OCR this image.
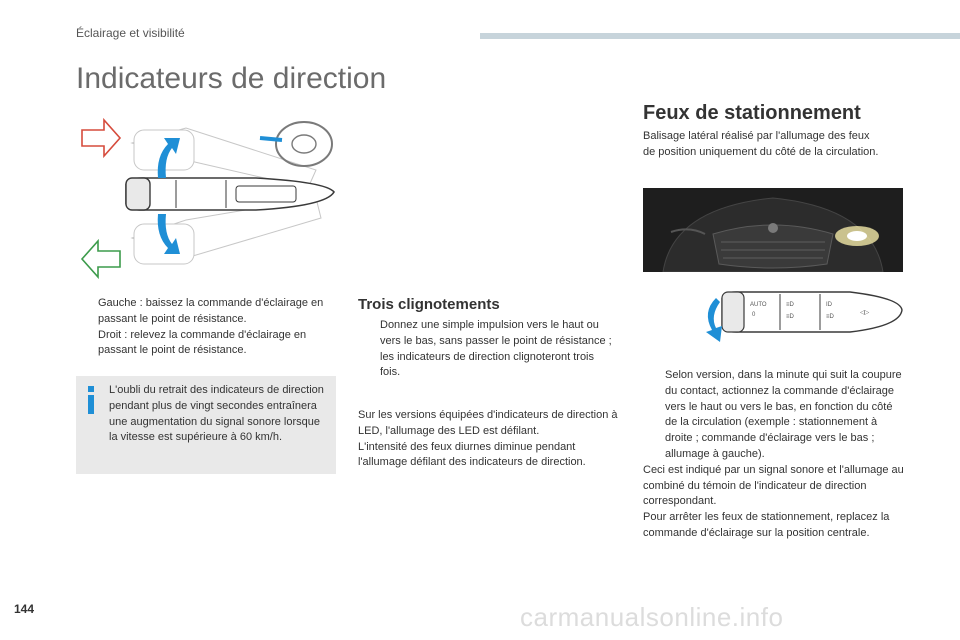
Éclairage et visibilité
Indicateurs de direction
Gauche : baissez la commande d'éclairage en passant le point de résistance.
Droit : relevez la commande d'éclairage en passant le point de résistance.
L'oubli du retrait des indicateurs de direction pendant plus de vingt secondes entraînera une augmentation du signal sonore lorsque la vitesse est supérieure à 60 km/h.
Trois clignotements
Donnez une simple impulsion vers le haut ou vers le bas, sans passer le point de résistance ; les indicateurs de direction clignoteront trois fois.
Sur les versions équipées d'indicateurs de direction à LED, l'allumage des LED est défilant.
L'intensité des feux diurnes diminue pendant l'allumage défilant des indicateurs de direction.
Feux de stationnement
Balisage latéral réalisé par l'allumage des feux de position uniquement du côté de la circulation.
AUTO
0
≡D
≡D
ID
≡D
◁▷
Selon version, dans la minute qui suit la coupure du contact, actionnez la commande d'éclairage vers le haut ou vers le bas, en fonction du côté de la circulation (exemple : stationnement à droite ; commande d'éclairage vers le bas ; allumage à gauche).
Ceci est indiqué par un signal sonore et l'allumage au combiné du témoin de l'indicateur de direction correspondant.
Pour arrêter les feux de stationnement, replacez la commande d'éclairage sur la position centrale.
144	carmanualsonline.info
